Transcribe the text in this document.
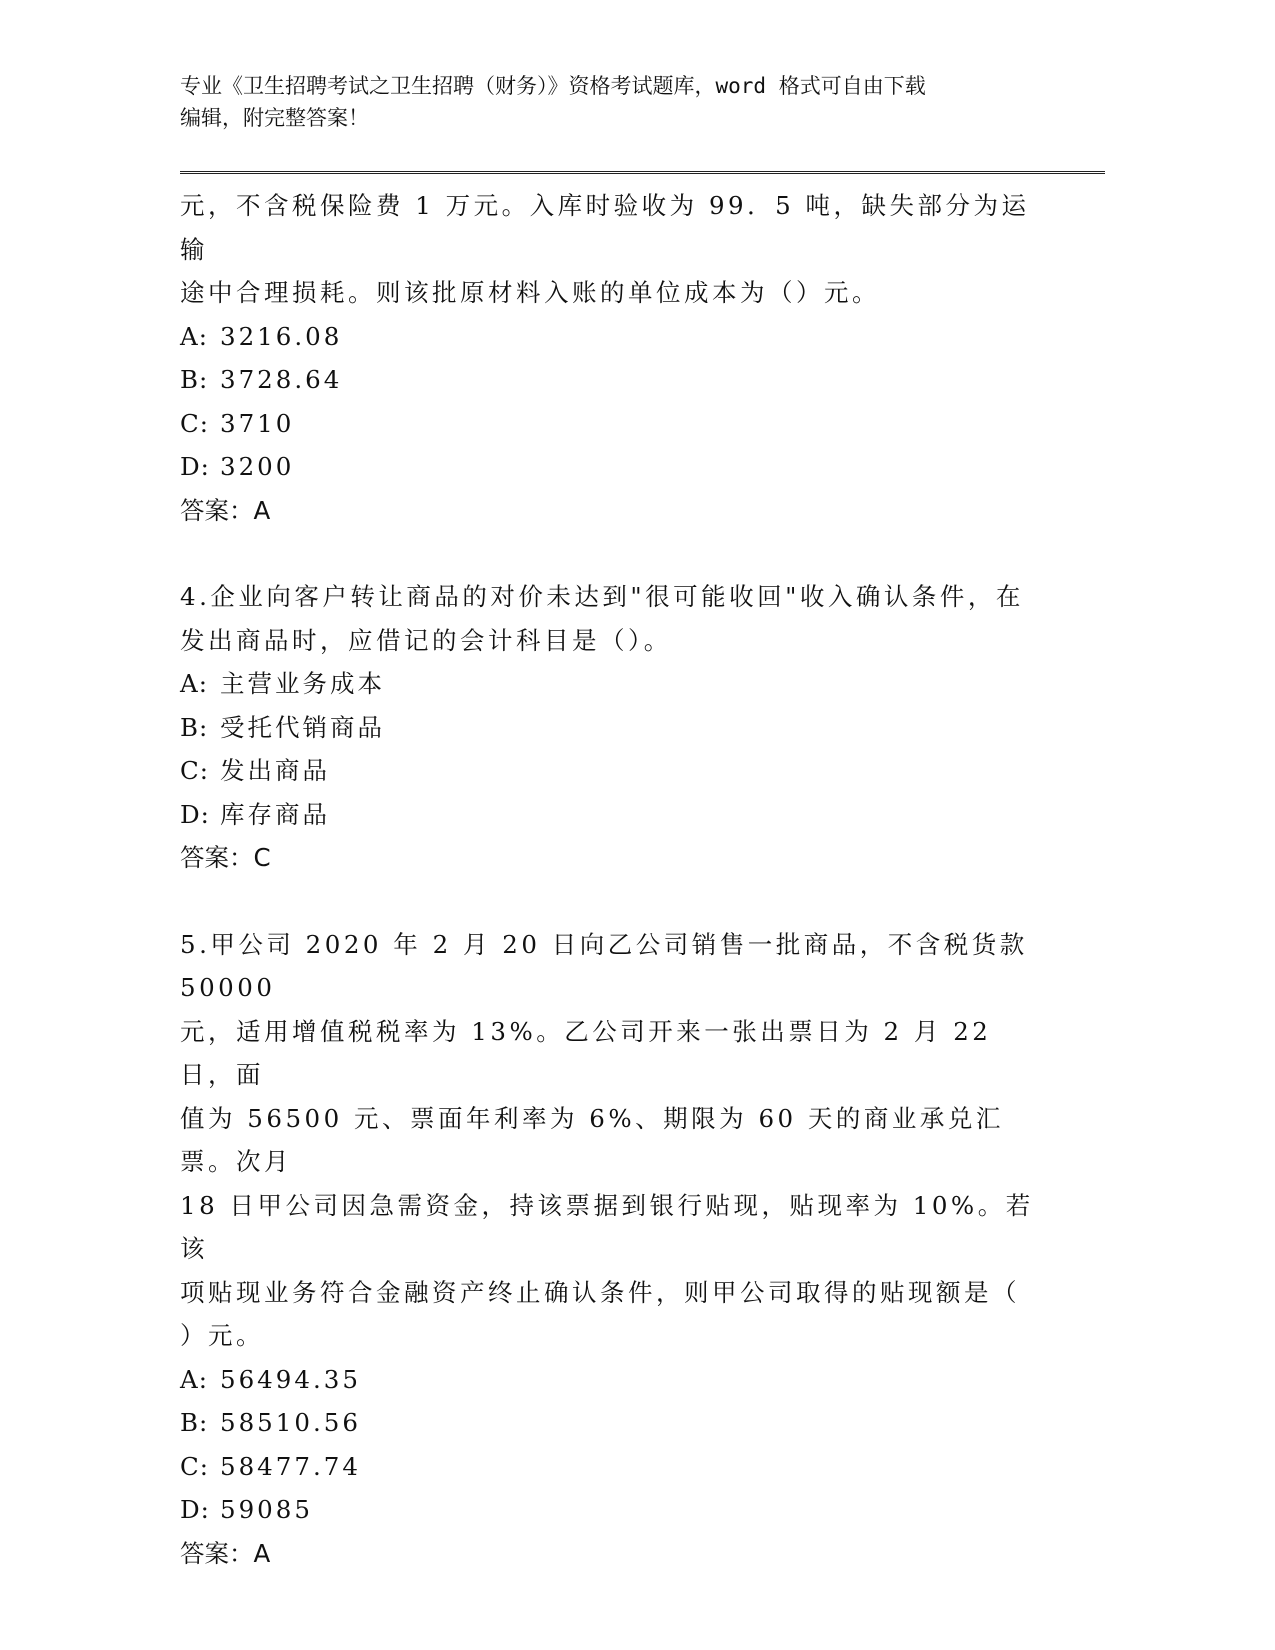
专业《卫生招聘考试之卫生招聘（财务）》资格考试题库，word 格式可自由下载
编辑，附完整答案！

元，不含税保险费 1 万元。入库时验收为 99．5 吨，缺失部分为运输

途中合理损耗。则该批原材料入账的单位成本为（）元。

A: 3216.08

B: 3728.64

C: 3710

D: 3200

答案：A

4.企业向客户转让商品的对价未达到"很可能收回"收入确认条件，在

发出商品时，应借记的会计科目是（）。

A: 主营业务成本

B: 受托代销商品

C: 发出商品

D: 库存商品

答案：C

5.甲公司 2020 年 2 月 20 日向乙公司销售一批商品，不含税货款 50000

元，适用增值税税率为 13%。乙公司开来一张出票日为 2 月 22 日，面

值为 56500 元、票面年利率为 6%、期限为 60 天的商业承兑汇票。次月

18 日甲公司因急需资金，持该票据到银行贴现，贴现率为 10%。若该

项贴现业务符合金融资产终止确认条件，则甲公司取得的贴现额是（

）元。

A: 56494.35

B: 58510.56

C: 58477.74

D: 59085

答案：A
